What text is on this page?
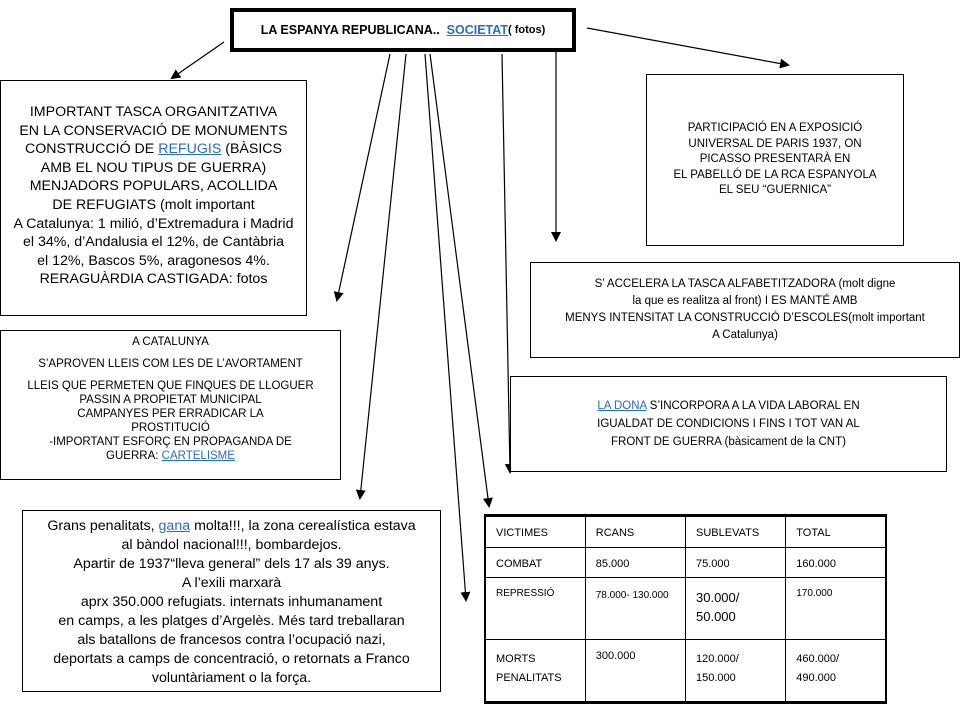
LA ESPANYA REPUBLICANA..
SOCIETAT ( fotos)

IMPORTANT TASCA ORGANITZATIVA

EN LA CONSERVACIÓ DE MONUMENTS

CONSTRUCCIÓ DE REFUGIS (BÀSICS

AMB EL NOU TIPUS DE GUERRA)

MENJADORS POPULARS, ACOLLIDA

DE REFUGIATS (molt important

A Catalunya: 1 milió, d’Extremadura i Madrid

el 34%, d’Andalusia el 12%, de Cantàbria

el 12%, Bascos 5%, aragonesos 4%.

RERAGUÀRDIA CASTIGADA: fotos

A CATALUNYA

S’APROVEN LLEIS COM LES DE L’AVORTAMENT

LLEIS QUE PERMETEN QUE FINQUES DE LLOGUER

PASSIN A PROPIETAT MUNICIPAL

CAMPANYES PER ERRADICAR LA

PROSTITUCIÓ

-IMPORTANT ESFORÇ EN PROPAGANDA DE

GUERRA: CARTELISME

Grans penalitats, gana molta!!!, la zona cerealística estava

al bàndol nacional!!!, bombardejos.

Apartir de 1937“lleva general” dels 17 als 39 anys.

A l’exili marxarà

aprx 350.000 refugiats. internats inhumanament

en camps, a les platges d’Argelès. Més tard treballaran

als batallons de francesos contra l’ocupació nazi,

deportats a camps de concentració, o retornats a Franco

voluntàriament o la força.

PARTICIPACIÓ EN A EXPOSICIÓ

UNIVERSAL DE PARIS 1937, ON

PICASSO PRESENTARÀ EN

EL PABELLÓ DE LA RCA ESPANYOLA

EL SEU “GUERNICA”

S’ ACCELERA LA TASCA ALFABETITZADORA (molt digne

la que es realitza al front) I ES MANTÉ AMB

MENYS INTENSITAT LA CONSTRUCCIÓ D’ESCOLES(molt important

A Catalunya)

LA DONA S’INCORPORA A LA VIDA LABORAL EN

IGUALDAT DE CONDICIONS I FINS I TOT VAN AL

FRONT DE GUERRA (bàsicament de la CNT)

VICTIMES	RCANS	SUBLEVATS	TOTAL
COMBAT	85.000	75.000	160.000
REPRESSIÓ	78.000- 130.000	30.000/ 50.000	170.000
MORTS PENALITATS	300.000	120.000/ 150.000	460.000/ 490.000
